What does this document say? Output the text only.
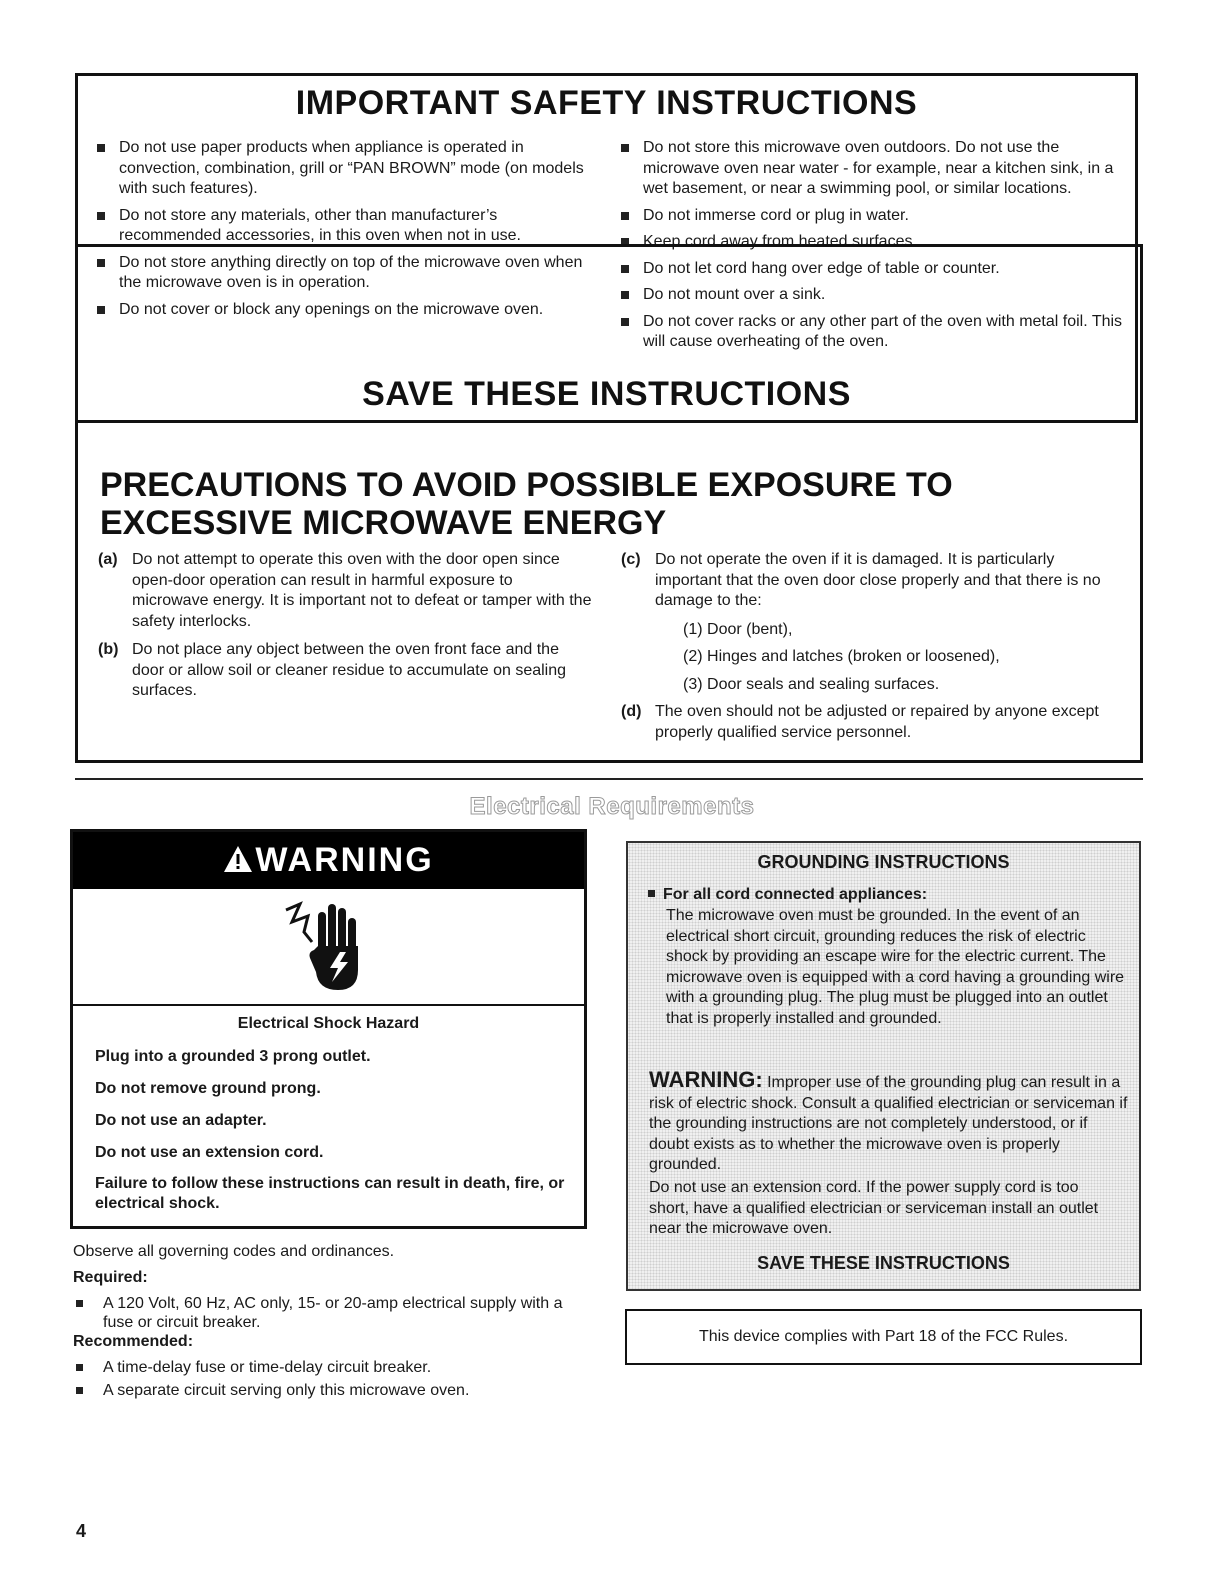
IMPORTANT SAFETY INSTRUCTIONS
Do not use paper products when appliance is operated in convection, combination, grill or “PAN BROWN” mode (on models with such features).
Do not store any materials, other than manufacturer’s recommended accessories, in this oven when not in use.
Do not store anything directly on top of the microwave oven when the microwave oven is in operation.
Do not cover or block any openings on the microwave oven.
Do not store this microwave oven outdoors. Do not use the microwave oven near water - for example, near a kitchen sink, in a wet basement, or near a swimming pool, or similar locations.
Do not immerse cord or plug in water.
Keep cord away from heated surfaces.
Do not let cord hang over edge of table or counter.
Do not mount over a sink.
Do not cover racks or any other part of the oven with metal foil. This will cause overheating of the oven.
SAVE THESE INSTRUCTIONS
PRECAUTIONS TO AVOID POSSIBLE EXPOSURE TO
EXCESSIVE MICROWAVE ENERGY
(a) Do not attempt to operate this oven with the door open since open-door operation can result in harmful exposure to microwave energy. It is important not to defeat or tamper with the safety interlocks.
(b) Do not place any object between the oven front face and the door or allow soil or cleaner residue to accumulate on sealing surfaces.
(c) Do not operate the oven if it is damaged. It is particularly important that the oven door close properly and that there is no damage to the:
(1) Door (bent),
(2) Hinges and latches (broken or loosened),
(3) Door seals and sealing surfaces.
(d) The oven should not be adjusted or repaired by anyone except properly qualified service personnel.
Electrical Requirements
WARNING
Electrical Shock Hazard
Plug into a grounded 3 prong outlet.
Do not remove ground prong.
Do not use an adapter.
Do not use an extension cord.
Failure to follow these instructions can result in death, fire, or electrical shock.
Observe all governing codes and ordinances.
Required:
A 120 Volt, 60 Hz, AC only, 15- or 20-amp electrical supply with a fuse or circuit breaker.
Recommended:
A time-delay fuse or time-delay circuit breaker.
A separate circuit serving only this microwave oven.
GROUNDING INSTRUCTIONS
For all cord connected appliances:
The microwave oven must be grounded. In the event of an electrical short circuit, grounding reduces the risk of electric shock by providing an escape wire for the electric current. The microwave oven is equipped with a cord having a grounding wire with a grounding plug. The plug must be plugged into an outlet that is properly installed and grounded.
WARNING: Improper use of the grounding plug can result in a risk of electric shock. Consult a qualified electrician or serviceman if the grounding instructions are not completely understood, or if doubt exists as to whether the microwave oven is properly grounded.
Do not use an extension cord. If the power supply cord is too short, have a qualified electrician or serviceman install an outlet near the microwave oven.
SAVE THESE INSTRUCTIONS
This device complies with Part 18 of the FCC Rules.
4
